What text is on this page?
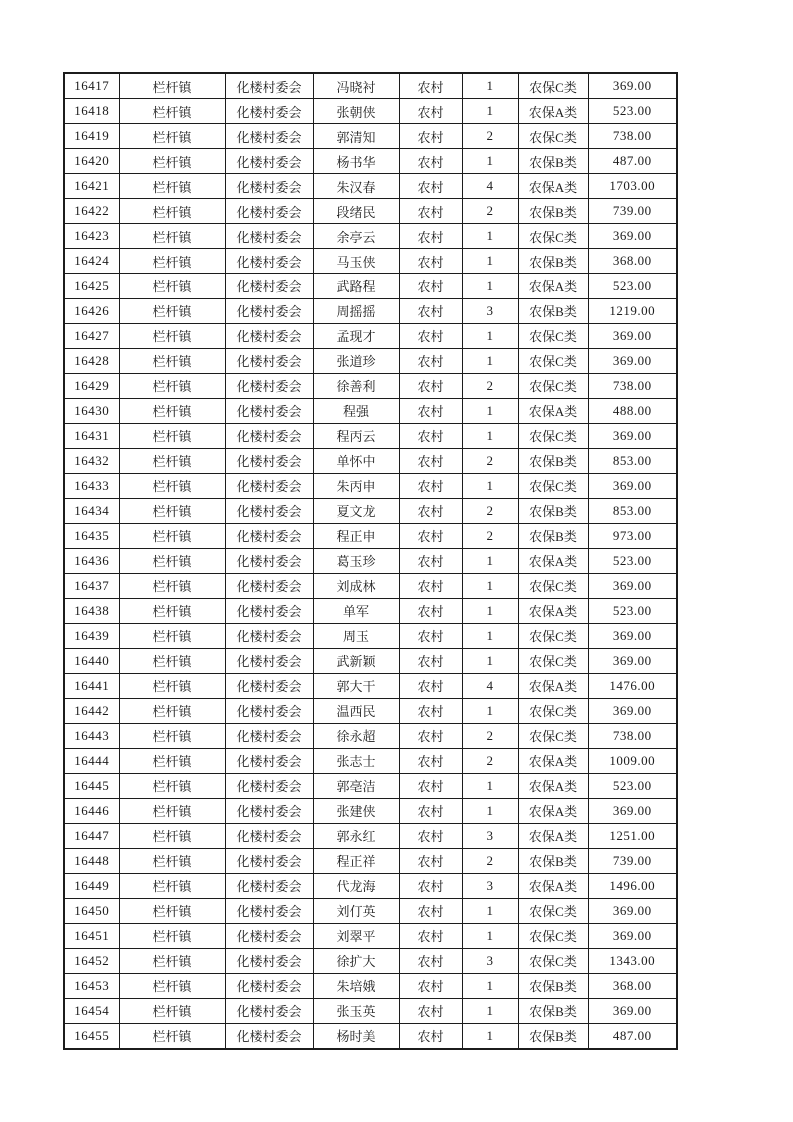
16417	栏杆镇	化楼村委会	冯晓衬	农村	1	农保C类	369.00
16418	栏杆镇	化楼村委会	张朝侠	农村	1	农保A类	523.00
16419	栏杆镇	化楼村委会	郭清知	农村	2	农保C类	738.00
16420	栏杆镇	化楼村委会	杨书华	农村	1	农保B类	487.00
16421	栏杆镇	化楼村委会	朱汉春	农村	4	农保A类	1703.00
16422	栏杆镇	化楼村委会	段绪民	农村	2	农保B类	739.00
16423	栏杆镇	化楼村委会	余亭云	农村	1	农保C类	369.00
16424	栏杆镇	化楼村委会	马玉侠	农村	1	农保B类	368.00
16425	栏杆镇	化楼村委会	武路程	农村	1	农保A类	523.00
16426	栏杆镇	化楼村委会	周摇摇	农村	3	农保B类	1219.00
16427	栏杆镇	化楼村委会	孟现才	农村	1	农保C类	369.00
16428	栏杆镇	化楼村委会	张道珍	农村	1	农保C类	369.00
16429	栏杆镇	化楼村委会	徐善利	农村	2	农保C类	738.00
16430	栏杆镇	化楼村委会	程强	农村	1	农保A类	488.00
16431	栏杆镇	化楼村委会	程丙云	农村	1	农保C类	369.00
16432	栏杆镇	化楼村委会	单怀中	农村	2	农保B类	853.00
16433	栏杆镇	化楼村委会	朱丙申	农村	1	农保C类	369.00
16434	栏杆镇	化楼村委会	夏文龙	农村	2	农保B类	853.00
16435	栏杆镇	化楼村委会	程正申	农村	2	农保B类	973.00
16436	栏杆镇	化楼村委会	葛玉珍	农村	1	农保A类	523.00
16437	栏杆镇	化楼村委会	刘成林	农村	1	农保C类	369.00
16438	栏杆镇	化楼村委会	单军	农村	1	农保A类	523.00
16439	栏杆镇	化楼村委会	周玉	农村	1	农保C类	369.00
16440	栏杆镇	化楼村委会	武新颖	农村	1	农保C类	369.00
16441	栏杆镇	化楼村委会	郭大干	农村	4	农保A类	1476.00
16442	栏杆镇	化楼村委会	温西民	农村	1	农保C类	369.00
16443	栏杆镇	化楼村委会	徐永超	农村	2	农保C类	738.00
16444	栏杆镇	化楼村委会	张志士	农村	2	农保A类	1009.00
16445	栏杆镇	化楼村委会	郭亳洁	农村	1	农保A类	523.00
16446	栏杆镇	化楼村委会	张建侠	农村	1	农保A类	369.00
16447	栏杆镇	化楼村委会	郭永红	农村	3	农保A类	1251.00
16448	栏杆镇	化楼村委会	程正祥	农村	2	农保B类	739.00
16449	栏杆镇	化楼村委会	代龙海	农村	3	农保A类	1496.00
16450	栏杆镇	化楼村委会	刘仃英	农村	1	农保C类	369.00
16451	栏杆镇	化楼村委会	刘翠平	农村	1	农保C类	369.00
16452	栏杆镇	化楼村委会	徐扩大	农村	3	农保C类	1343.00
16453	栏杆镇	化楼村委会	朱培娥	农村	1	农保B类	368.00
16454	栏杆镇	化楼村委会	张玉英	农村	1	农保B类	369.00
16455	栏杆镇	化楼村委会	杨时美	农村	1	农保B类	487.00
